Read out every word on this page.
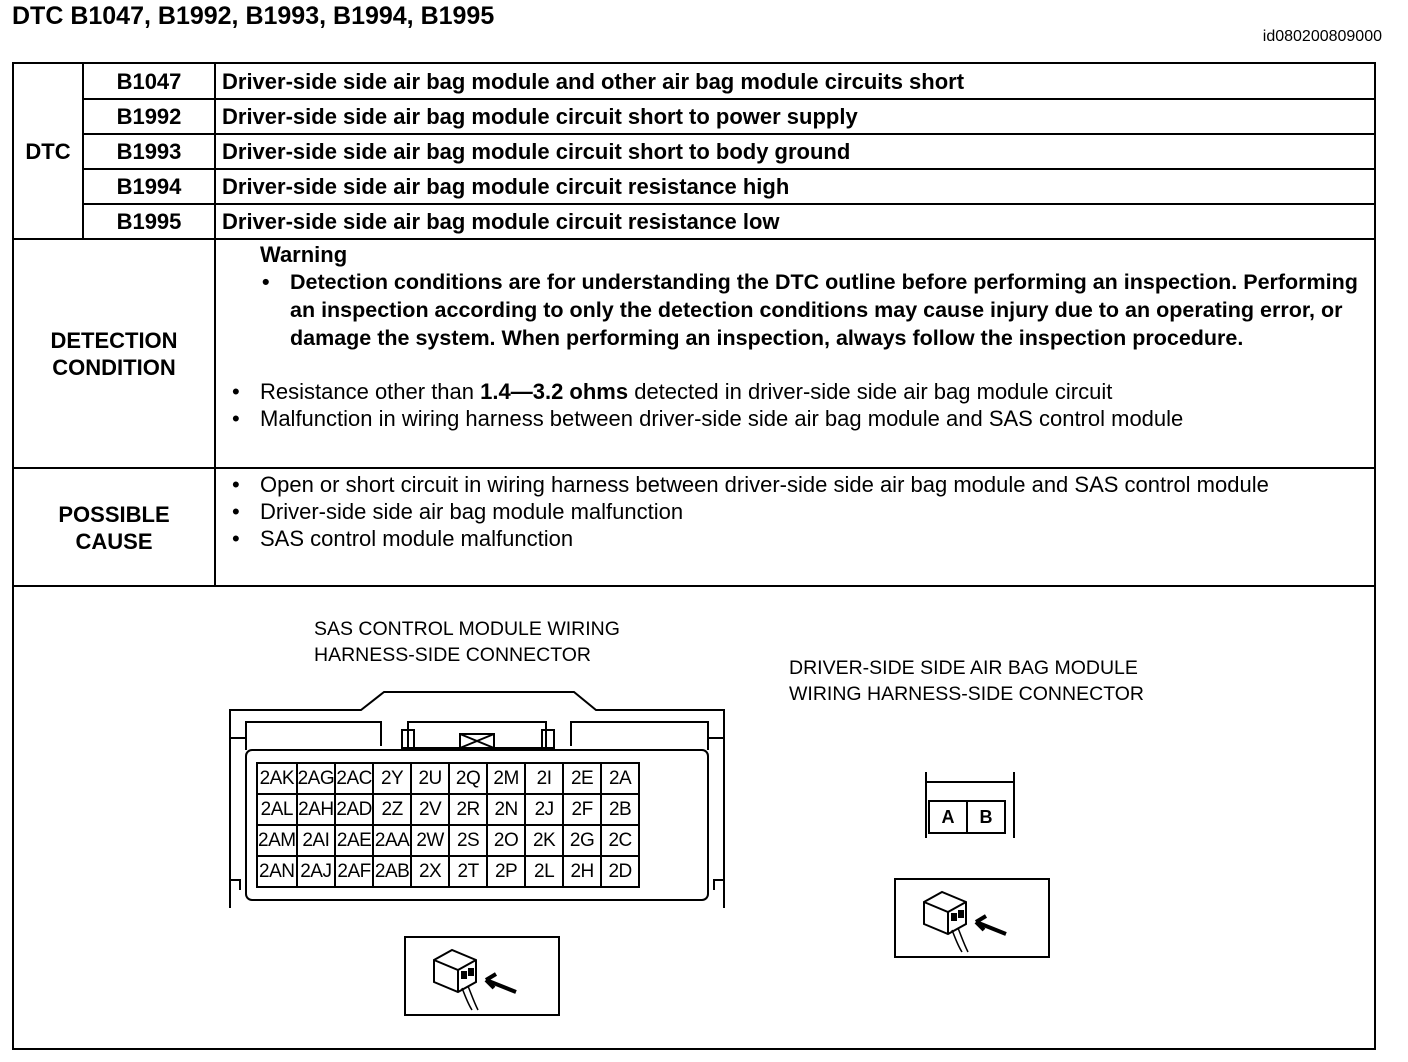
DTC B1047, B1992, B1993, B1994, B1995
id080200809000
DTC
B1047	Driver-side side air bag module and other air bag module circuits short
B1992	Driver-side side air bag module circuit short to power supply
B1993	Driver-side side air bag module circuit short to body ground
B1994	Driver-side side air bag module circuit resistance high
B1995	Driver-side side air bag module circuit resistance low
DETECTION
CONDITION
Warning
• Detection conditions are for understanding the DTC outline before performing an inspection. Performing an inspection according to only the detection conditions may cause injury due to an operating error, or damage the system. When performing an inspection, always follow the inspection procedure.
• Resistance other than 1.4—3.2 ohms detected in driver-side side air bag module circuit
• Malfunction in wiring harness between driver-side side air bag module and SAS control module
POSSIBLE
CAUSE
• Open or short circuit in wiring harness between driver-side side air bag module and SAS control module
• Driver-side side air bag module malfunction
• SAS control module malfunction
SAS CONTROL MODULE WIRING
HARNESS-SIDE CONNECTOR
DRIVER-SIDE SIDE AIR BAG MODULE
WIRING HARNESS-SIDE CONNECTOR
2AK	2AG	2AC	2Y	2U	2Q	2M	2I	2E	2A
2AL	2AH	2AD	2Z	2V	2R	2N	2J	2F	2B
2AM	2AI	2AE	2AA	2W	2S	2O	2K	2G	2C
2AN	2AJ	2AF	2AB	2X	2T	2P	2L	2H	2D
A	B
